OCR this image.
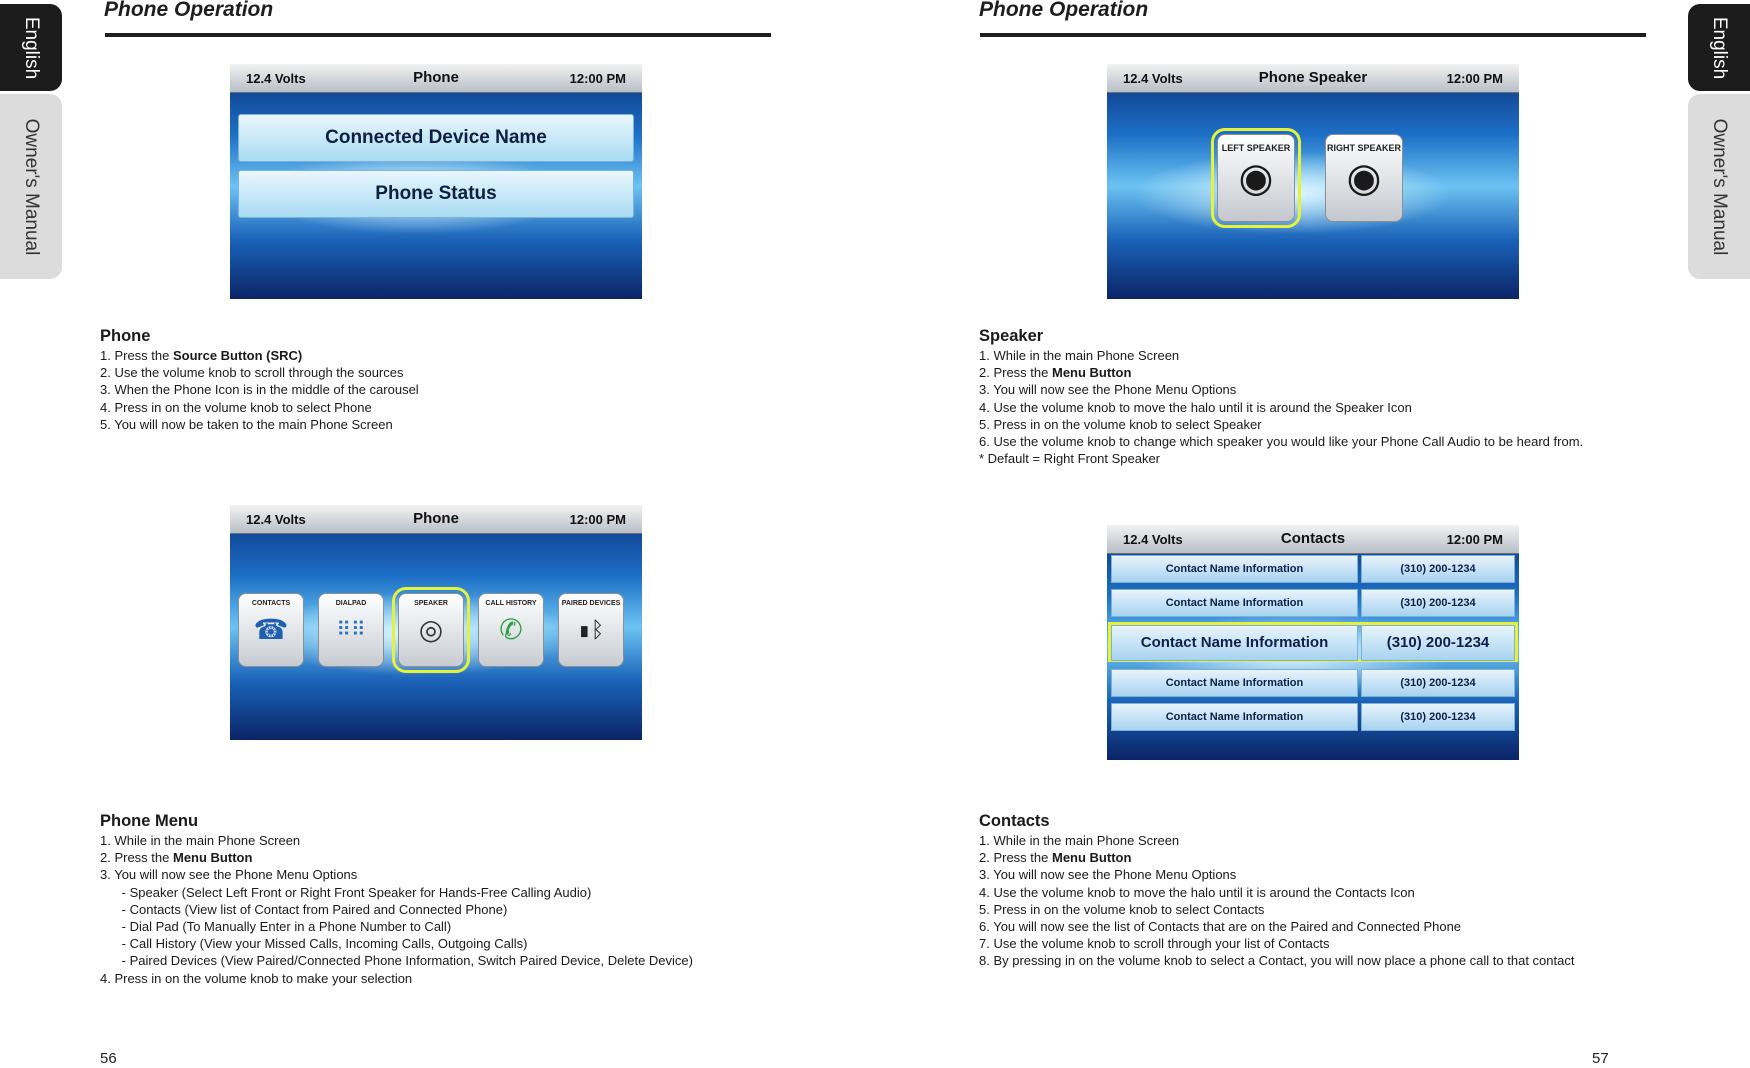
English
Owner's Manual
English
Owner's Manual
Phone Operation
12.4 Volts	Phone	12:00 PM
Connected Device Name
Phone Status
Phone
1. Press the Source Button (SRC)
2. Use the volume knob to scroll through the sources
3. When the Phone Icon is in the middle of the carousel
4. Press in on the volume knob to select Phone
5. You will now be taken to the main Phone Screen
12.4 Volts	Phone	12:00 PM
CONTACTS
☎
DIALPAD
⠿⠿
SPEAKER
◎
CALL HISTORY
✆
PAIRED DEVICES
▮ᛒ
Phone Menu
1. While in the main Phone Screen
2. Press the Menu Button
3. You will now see the Phone Menu Options
- Speaker (Select Left Front or Right Front Speaker for Hands-Free Calling Audio)
- Contacts (View list of Contact from Paired and Connected Phone)
- Dial Pad (To Manually Enter in a Phone Number to Call)
- Call History (View your Missed Calls, Incoming Calls, Outgoing Calls)
- Paired Devices (View Paired/Connected Phone Information, Switch Paired Device, Delete Device)
4. Press in on the volume knob to make your selection
56
Phone Operation
12.4 Volts	Phone Speaker	12:00 PM
LEFT SPEAKER
◉
RIGHT SPEAKER
◉
Speaker
1. While in the main Phone Screen
2. Press the Menu Button
3. You will now see the Phone Menu Options
4. Use the volume knob to move the halo until it is around the Speaker Icon
5. Press in on the volume knob to select Speaker
6. Use the volume knob to change which speaker you would like your Phone Call Audio to be heard from.
* Default = Right Front Speaker
12.4 Volts	Contacts	12:00 PM
Contact Name Information	(310) 200-1234
Contact Name Information	(310) 200-1234
Contact Name Information	(310) 200-1234
Contact Name Information	(310) 200-1234
Contact Name Information	(310) 200-1234
Contacts
1. While in the main Phone Screen
2. Press the Menu Button
3. You will now see the Phone Menu Options
4. Use the volume knob to move the halo until it is around the Contacts Icon
5. Press in on the volume knob to select Contacts
6. You will now see the list of Contacts that are on the Paired and Connected Phone
7. Use the volume knob to scroll through your list of Contacts
8. By pressing in on the volume knob to select a Contact, you will now place a phone call to that contact
57
